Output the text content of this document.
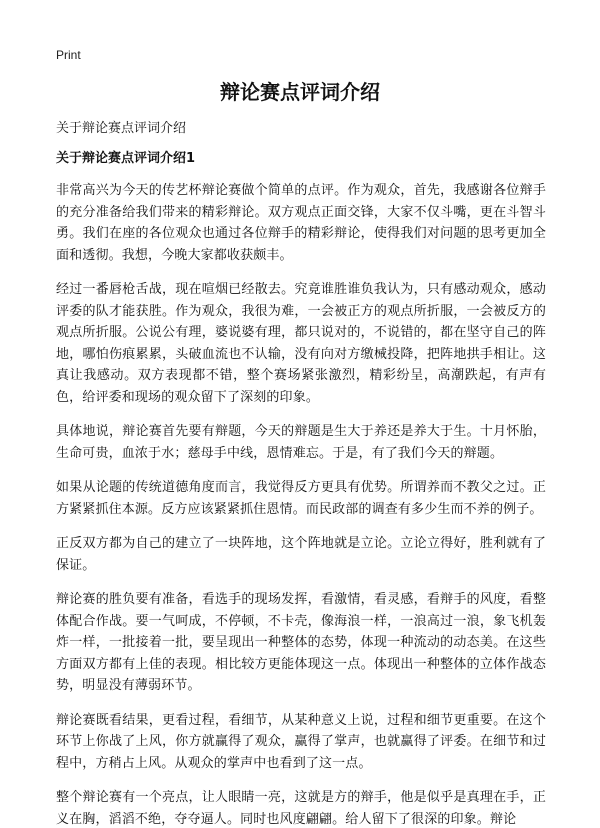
Print
辩论赛点评词介绍

关于辩论赛点评词介绍

关于辩论赛点评词介绍1

非常高兴为今天的传艺杯辩论赛做个简单的点评。作为观众，首先，我感谢各位辩手的充分准备给我们带来的精彩辩论。双方观点正面交锋，大家不仅斗嘴，更在斗智斗勇。我们在座的各位观众也通过各位辩手的精彩辩论，使得我们对问题的思考更加全面和透彻。我想，今晚大家都收获颇丰。

经过一番唇枪舌战，现在喧烟已经散去。究竟谁胜谁负我认为，只有感动观众，感动评委的队才能获胜。作为观众，我很为难，一会被正方的观点所折服，一会被反方的观点所折服。公说公有理，婆说婆有理，都只说对的，不说错的，都在坚守自己的阵地，哪怕伤痕累累，头破血流也不认输，没有向对方缴械投降，把阵地拱手相让。这真让我感动。双方表现都不错，整个赛场紧张激烈，精彩纷呈，高潮跌起，有声有色，给评委和现场的观众留下了深刻的印象。

具体地说，辩论赛首先要有辩题，今天的辩题是生大于养还是养大于生。十月怀胎，生命可贵，血浓于水；慈母手中线，恩情难忘。于是，有了我们今天的辩题。

如果从论题的传统道德角度而言，我觉得反方更具有优势。所谓养而不教父之过。正方紧紧抓住本源。反方应该紧紧抓住恩情。而民政部的调查有多少生而不养的例子。

正反双方都为自己的建立了一块阵地，这个阵地就是立论。立论立得好，胜利就有了保证。

辩论赛的胜负要有准备，看选手的现场发挥，看激情，看灵感，看辩手的风度，看整体配合作战。要一气呵成，不停顿，不卡壳，像海浪一样，一浪高过一浪，象飞机轰炸一样，一批接着一批，要呈现出一种整体的态势，体现一种流动的动态美。在这些方面双方都有上佳的表现。相比较方更能体现这一点。体现出一种整体的立体作战态势，明显没有薄弱环节。

辩论赛既看结果，更看过程，看细节，从某种意义上说，过程和细节更重要。在这个环节上你战了上风，你方就赢得了观众，赢得了掌声，也就赢得了评委。在细节和过程中，方稍占上风。从观众的掌声中也看到了这一点。

整个辩论赛有一个亮点，让人眼睛一亮，这就是方的辩手，他是似乎是真理在手，正义在胸，滔滔不绝，夺夺逼人。同时也风度翩翩。给人留下了很深的印象。辩论
